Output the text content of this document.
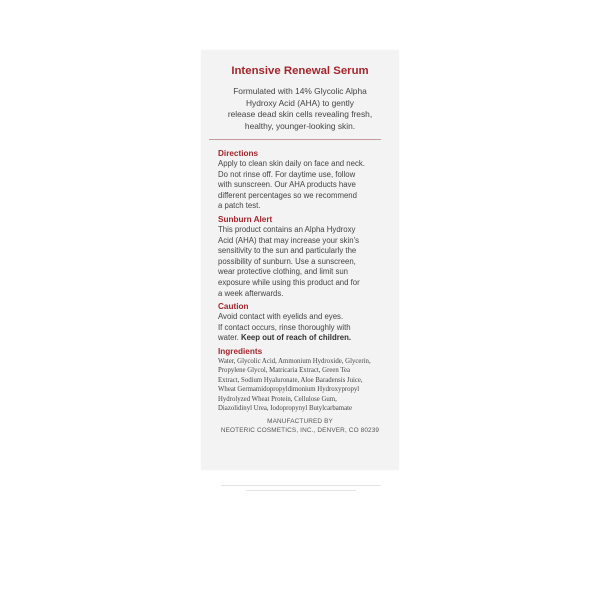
Intensive Renewal Serum
Formulated with 14% Glycolic Alpha
Hydroxy Acid (AHA) to gently
release dead skin cells revealing fresh,
healthy, younger-looking skin.
Directions
Apply to clean skin daily on face and neck.
Do not rinse off. For daytime use, follow
with sunscreen. Our AHA products have
different percentages so we recommend
a patch test.
Sunburn Alert
This product contains an Alpha Hydroxy
Acid (AHA) that may increase your skin's
sensitivity to the sun and particularly the
possibility of sunburn. Use a sunscreen,
wear protective clothing, and limit sun
exposure while using this product and for
a week afterwards.
Caution
Avoid contact with eyelids and eyes.
If contact occurs, rinse thoroughly with
water. Keep out of reach of children.
Ingredients
Water, Glycolic Acid, Ammonium Hydroxide, Glycerin,
Propylene Glycol, Matricaria Extract, Green Tea
Extract, Sodium Hyaluronate, Aloe Baradensis Juice,
Wheat Germamidopropyldimonium Hydroxypropyl
Hydrolyzed Wheat Protein, Cellulose Gum,
Diazolidinyl Urea, Iodopropynyl Butylcarbamate
MANUFACTURED BY
NEOTERIC COSMETICS, INC., DENVER, CO 80239
